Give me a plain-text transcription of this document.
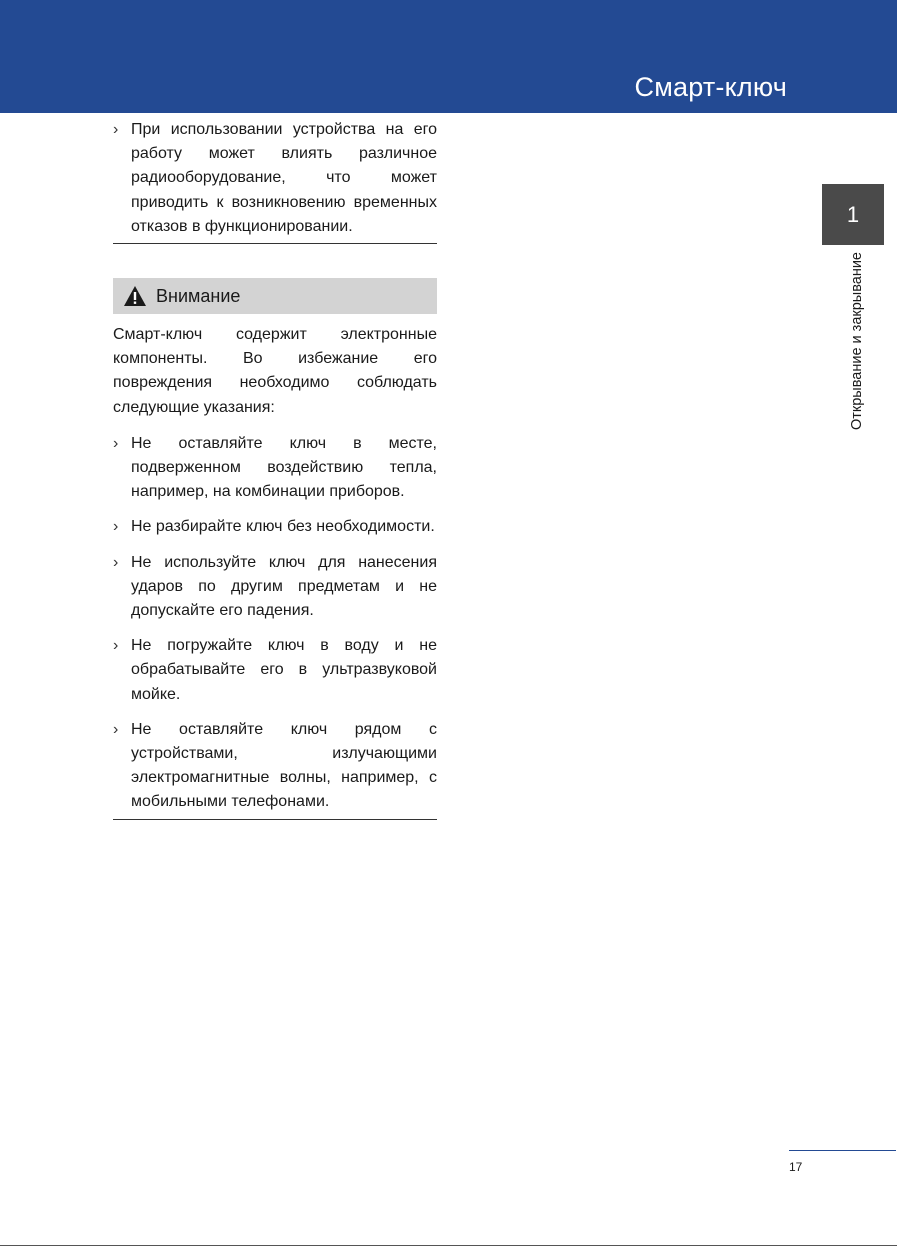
Смарт-ключ
› При использовании устройства на его работу может влиять различное радиооборудование, что может приводить к возникновению временных отказов в функционировании.
Внимание

Смарт-ключ содержит электронные компоненты. Во избежание его повреждения необходимо соблюдать следующие указания:

› Не оставляйте ключ в месте, подверженном воздействию тепла, например, на комбинации приборов.
› Не разбирайте ключ без необходимости.
› Не используйте ключ для нанесения ударов по другим предметам и не допускайте его падения.
› Не погружайте ключ в воду и не обрабатывайте его в ультразвуковой мойке.
› Не оставляйте ключ рядом с устройствами, излучающими электромагнитные волны, например, с мобильными телефонами.
1
Открывание и закрывание
17
